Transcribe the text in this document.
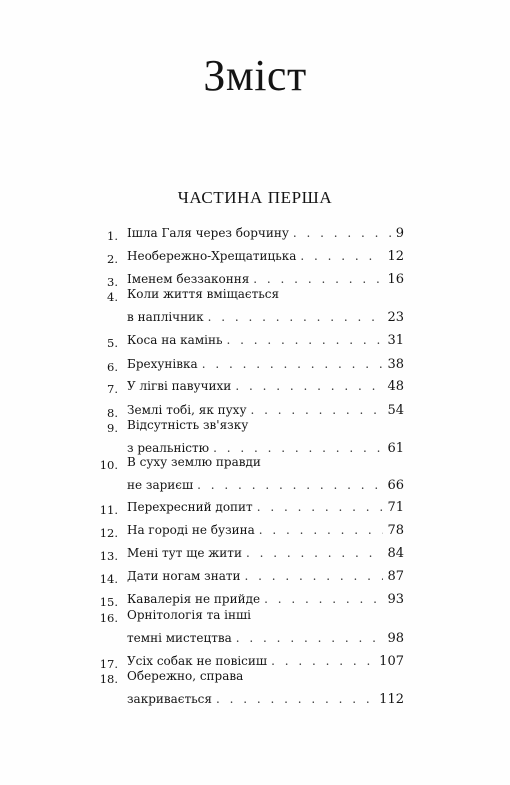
Зміст
ЧАСТИНА ПЕРША
1. Ішла Галя через борчину . . .	9
2. Необережно-Хрещатицька . . .	12
3. Іменем беззаконня . . .	16
4. Коли життя вміщається
в наплічник . . .	23
5. Коса на камінь . . .	31
6. Брехунівка . . .	38
7. У лігві павучихи . . .	48
8. Землі тобі, як пуху . . .	54
9. Відсутність зв'язку
з реальністю . . .	61
10. В суху землю правди
не зариєш . . .	66
11. Перехресний допит . . .	71
12. На городі не бузина . . .	78
13. Мені тут ще жити . . .	84
14. Дати ногам знати . . .	87
15. Кавалерія не прийде . . .	93
16. Орнітологія та інші
темні мистецтва . . .	98
17. Усіх собак не повісиш . . .	107
18. Обережно, справа
закривається . . .	112
